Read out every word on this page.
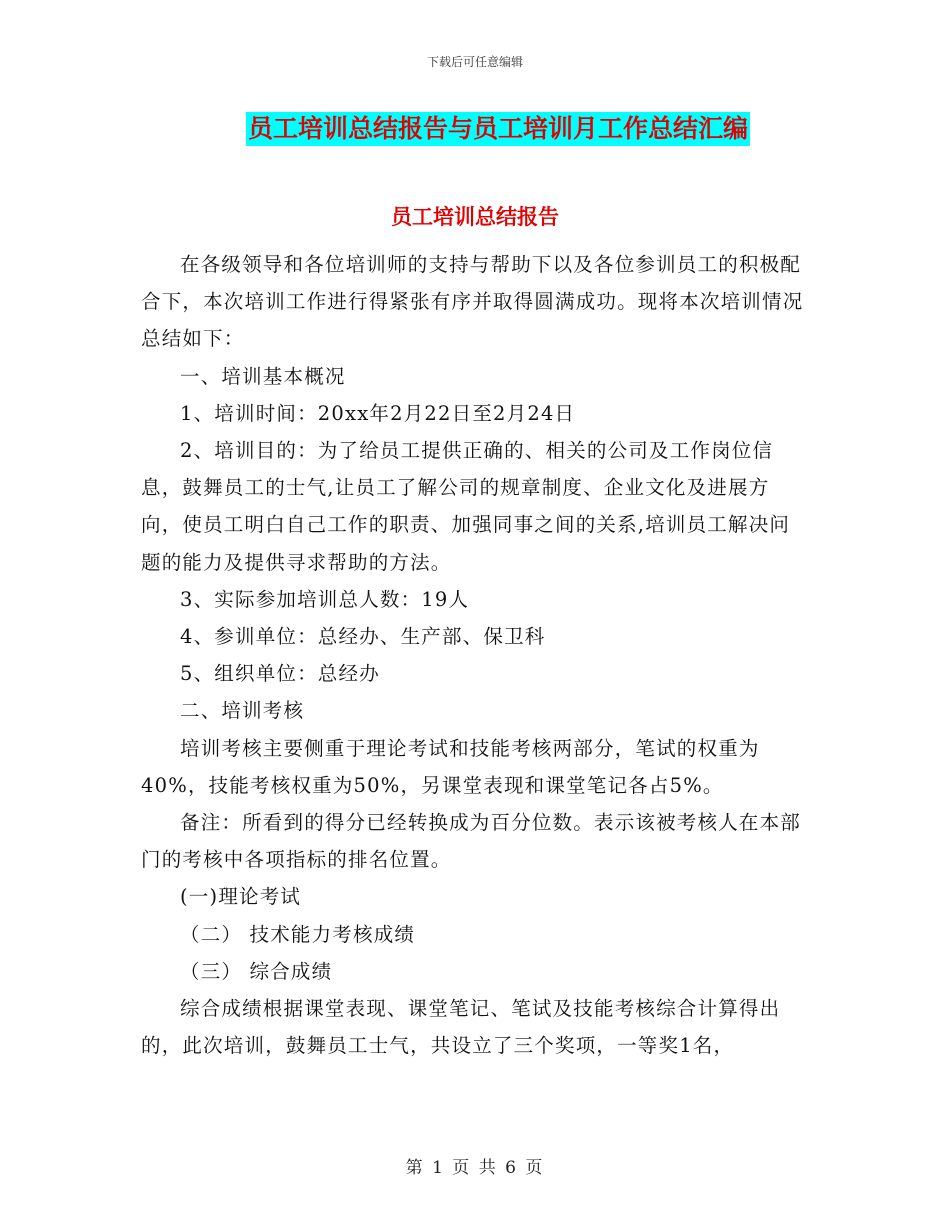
下载后可任意编辑
员工培训总结报告与员工培训月工作总结汇编
员工培训总结报告

在各级领导和各位培训师的支持与帮助下以及各位参训员工的积极配合下，本次培训工作进行得紧张有序并取得圆满成功。现将本次培训情况总结如下：

一、培训基本概况

1、培训时间：20xx年2月22日至2月24日

2、培训目的：为了给员工提供正确的、相关的公司及工作岗位信息，鼓舞员工的士气,让员工了解公司的规章制度、企业文化及进展方向，使员工明白自己工作的职责、加强同事之间的关系,培训员工解决问题的能力及提供寻求帮助的方法。

3、实际参加培训总人数：19人

4、参训单位：总经办、生产部、保卫科

5、组织单位：总经办

二、培训考核

培训考核主要侧重于理论考试和技能考核两部分，笔试的权重为40%，技能考核权重为50%，另课堂表现和课堂笔记各占5%。

备注：所看到的得分已经转换成为百分位数。表示该被考核人在本部门的考核中各项指标的排名位置。

(一)理论考试

（二） 技术能力考核成绩

（三） 综合成绩

综合成绩根据课堂表现、课堂笔记、笔试及技能考核综合计算得出的，此次培训，鼓舞员工士气，共设立了三个奖项，一等奖1名，

第 1 页 共 6 页
